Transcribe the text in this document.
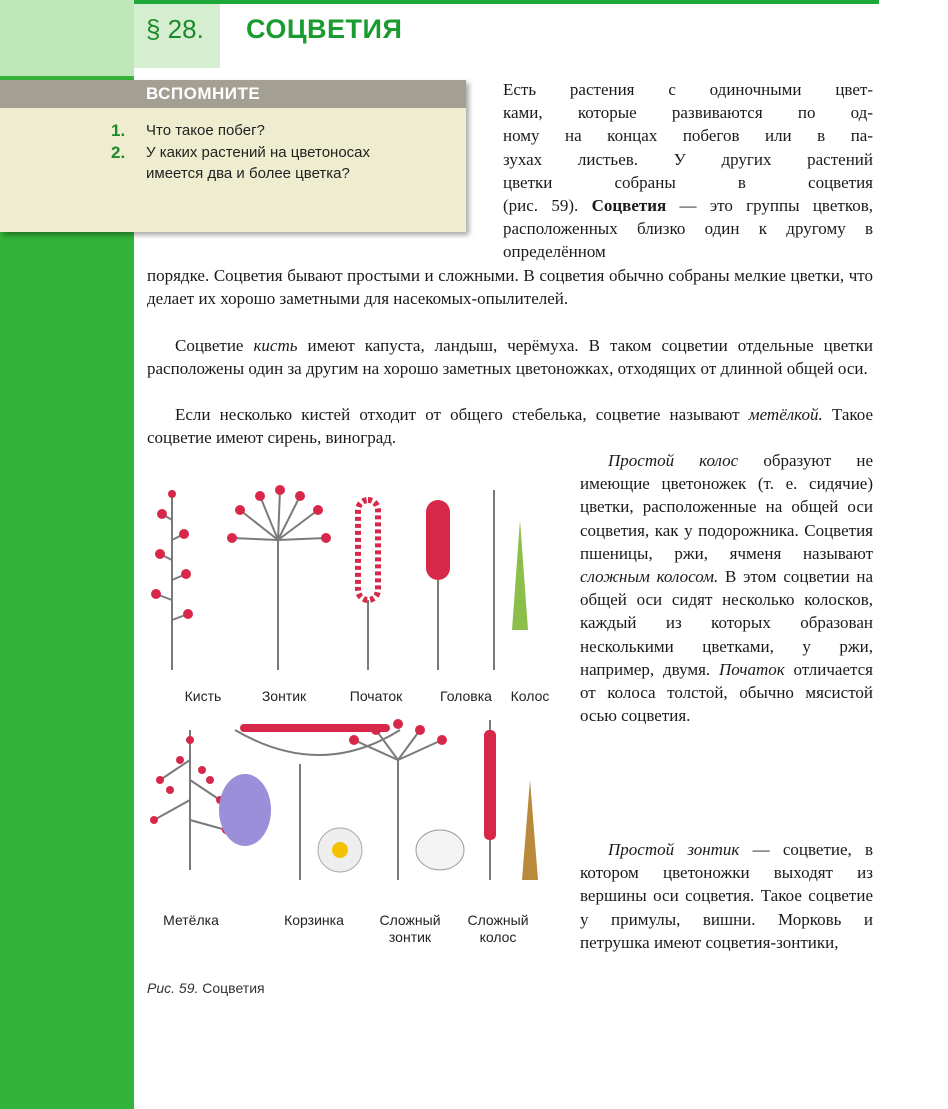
§ 28. СОЦВЕТИЯ
ВСПОМНИТЕ
1. Что такое побег?
2. У каких растений на цветоносах
имеется два и более цветка?
Есть растения с одиночными цвет-
ками, которые развиваются по од-
ному на концах побегов или в па-
зухах листьев. У других растений
цветки собраны в соцветия

(рис. 59). Соцветия — это группы цветков, расположенных близко один к другому в определённом

порядке. Соцветия бывают простыми и сложными. В соцветия обычно собраны мелкие цветки, что делает их хорошо заметными для насекомых-опылителей.

Соцветие кисть имеют капуста, ландыш, черёмуха. В таком соцветии отдельные цветки расположены один за другим на хорошо заметных цветоножках, отходящих от длинной общей оси.

Если несколько кистей отходит от общего стебелька, соцветие называют метёлкой. Такое соцветие имеют сирень, виноград.

Простой колос образуют не имеющие цветоножек (т. е. сидячие) цветки, расположенные на общей оси соцветия, как у подорожника. Соцветия пшеницы, ржи, ячменя называют сложным колосом. В этом соцветии на общей оси сидят несколько колосков, каждый из которых образован несколькими цветками, у ржи, например, двумя. Початок отличается от колоса толстой, обычно мясистой осью соцветия.

Простой зонтик — соцветие, в котором цветоножки выходят из вершины оси соцветия. Такое соцветие у примулы, вишни. Морковь и петрушка имеют соцветия-зонтики,

Кисть	Зонтик	Початок	Головка	Колос
Метёлка	Корзинка	Сложный зонтик
Сложный колос
Рис. 59. Соцветия
